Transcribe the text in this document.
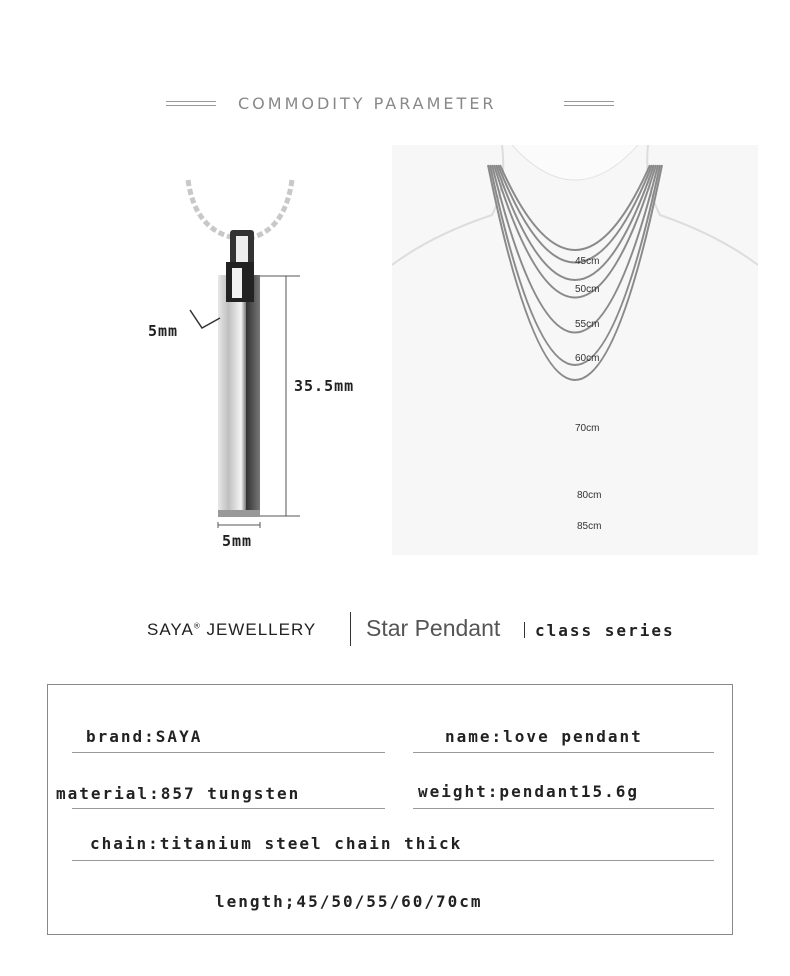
COMMODITY PARAMETER
5mm
35.5mm
5mm
45cm
50cm
55cm
60cm
70cm
80cm
85cm
SAYA® JEWELLERY Star Pendant class series
brand:SAYA	name:love pendant
material:857 tungsten	weight:pendant15.6g
chain:titanium steel chain thick
length;45/50/55/60/70cm
